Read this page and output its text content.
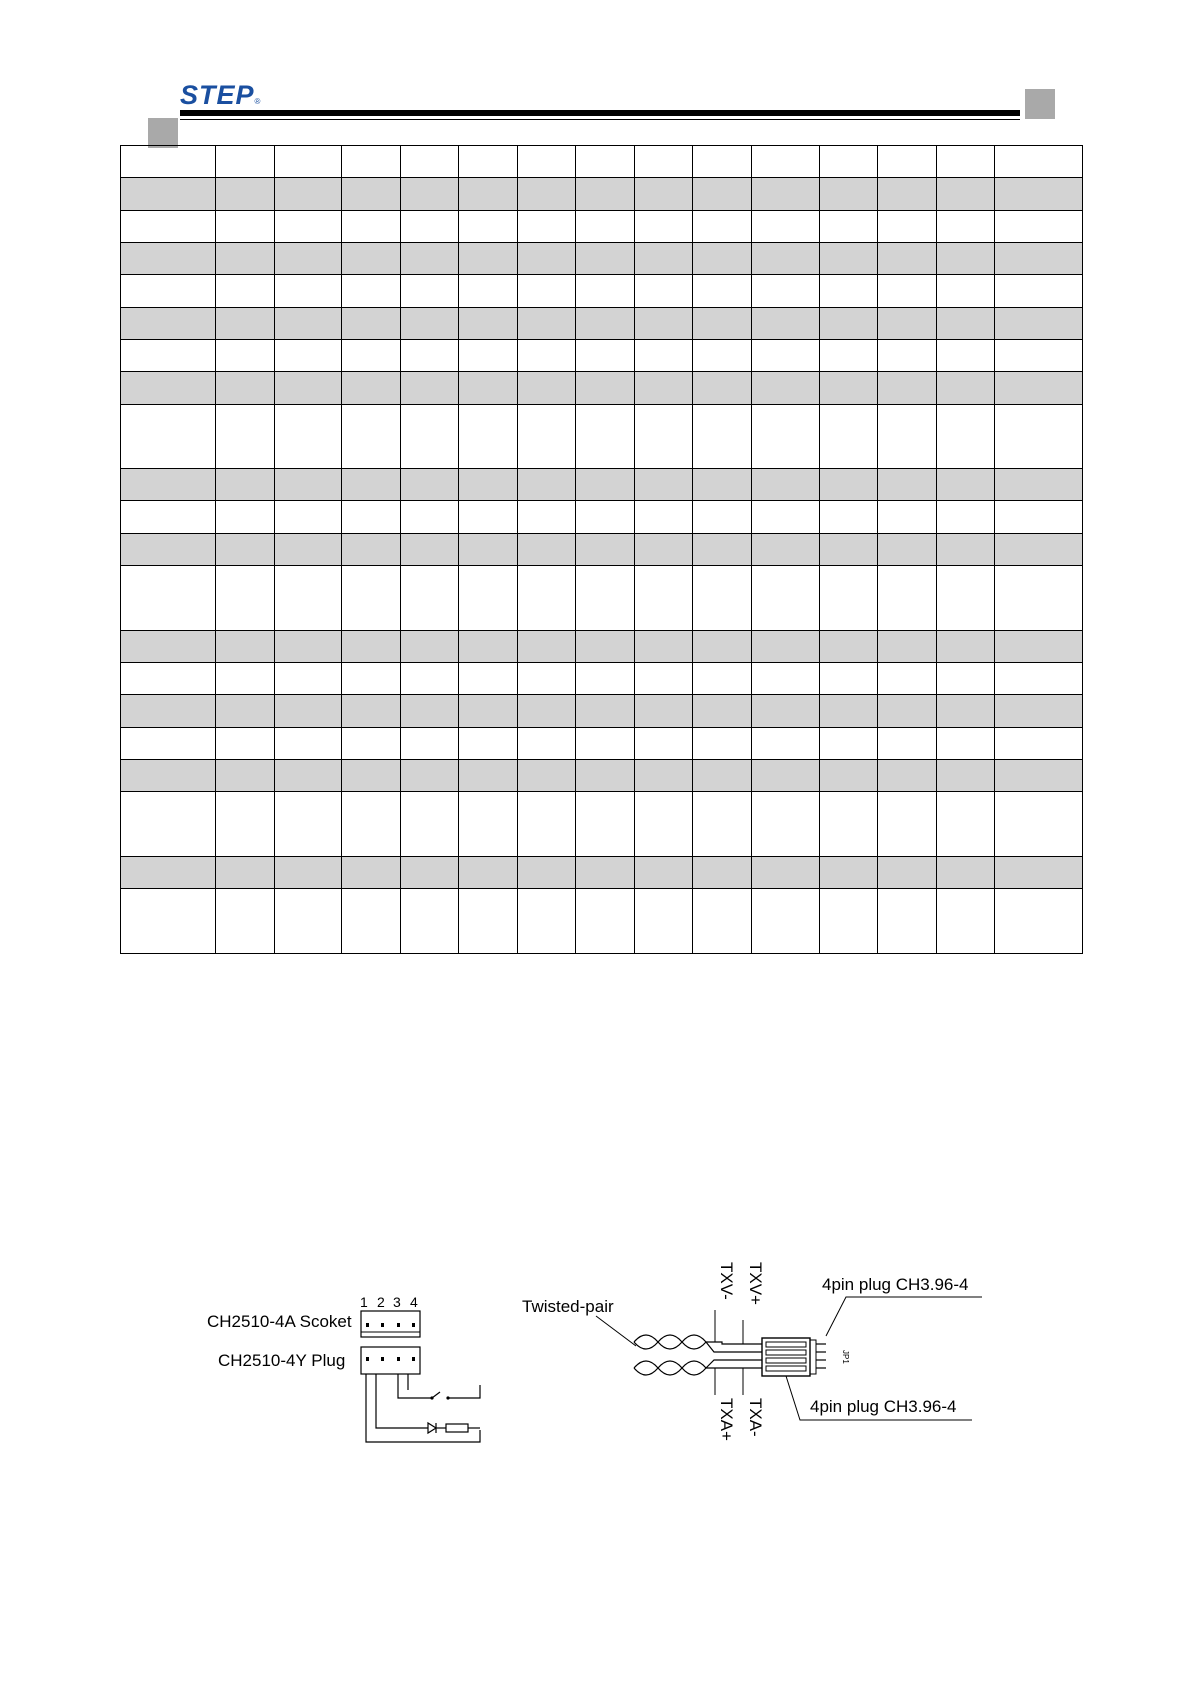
STEP®

1 2 3 4
CH2510-4A Scoket
CH2510-4Y Plug
Twisted-pair
TXV+
TXV-
TXA-
TXA+
JP1
4pin plug CH3.96-4
4pin plug CH3.96-4
